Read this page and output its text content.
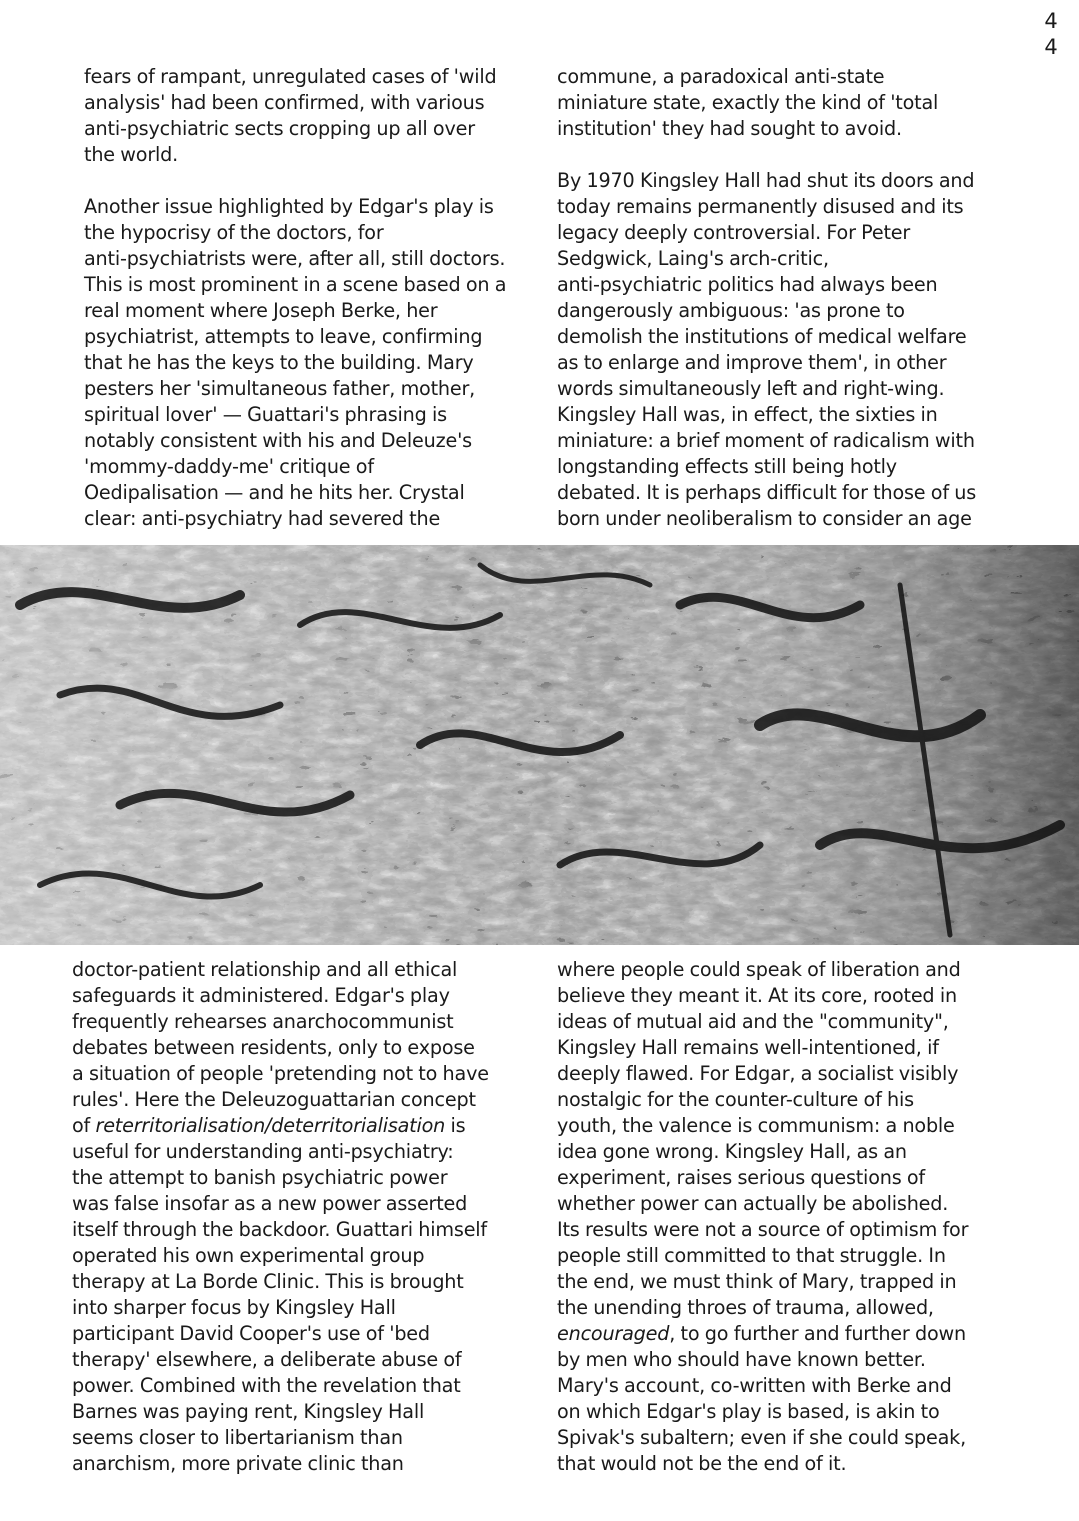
4
4

fears of rampant, unregulated cases of 'wild
analysis' had been confirmed, with various
anti-psychiatric sects cropping up all over
the world.

Another issue highlighted by Edgar's play is
the hypocrisy of the doctors, for
anti-psychiatrists were, after all, still doctors.
This is most prominent in a scene based on a
real moment where Joseph Berke, her
psychiatrist, attempts to leave, confirming
that he has the keys to the building. Mary
pesters her 'simultaneous father, mother,
spiritual lover' — Guattari's phrasing is
notably consistent with his and Deleuze's
'mommy-daddy-me' critique of
Oedipalisation — and he hits her. Crystal
clear: anti-psychiatry had severed the

commune, a paradoxical anti-state
miniature state, exactly the kind of 'total
institution' they had sought to avoid.

By 1970 Kingsley Hall had shut its doors and
today remains permanently disused and its
legacy deeply controversial. For Peter
Sedgwick, Laing's arch-critic,
anti-psychiatric politics had always been
dangerously ambiguous: 'as prone to
demolish the institutions of medical welfare
as to enlarge and improve them', in other
words simultaneously left and right-wing.
Kingsley Hall was, in effect, the sixties in
miniature: a brief moment of radicalism with
longstanding effects still being hotly
debated. It is perhaps difficult for those of us
born under neoliberalism to consider an age

doctor-patient relationship and all ethical
safeguards it administered. Edgar's play
frequently rehearses anarchocommunist
debates between residents, only to expose
a situation of people 'pretending not to have
rules'. Here the Deleuzoguattarian concept
of reterritorialisation/deterritorialisation is
useful for understanding anti-psychiatry:
the attempt to banish psychiatric power
was false insofar as a new power asserted
itself through the backdoor. Guattari himself
operated his own experimental group
therapy at La Borde Clinic. This is brought
into sharper focus by Kingsley Hall
participant David Cooper's use of 'bed
therapy' elsewhere, a deliberate abuse of
power. Combined with the revelation that
Barnes was paying rent, Kingsley Hall
seems closer to libertarianism than
anarchism, more private clinic than

where people could speak of liberation and
believe they meant it. At its core, rooted in
ideas of mutual aid and the "community",
Kingsley Hall remains well-intentioned, if
deeply flawed. For Edgar, a socialist visibly
nostalgic for the counter-culture of his
youth, the valence is communism: a noble
idea gone wrong. Kingsley Hall, as an
experiment, raises serious questions of
whether power can actually be abolished.
Its results were not a source of optimism for
people still committed to that struggle. In
the end, we must think of Mary, trapped in
the unending throes of trauma, allowed,
encouraged, to go further and further down
by men who should have known better.
Mary's account, co-written with Berke and
on which Edgar's play is based, is akin to
Spivak's subaltern; even if she could speak,
that would not be the end of it.
